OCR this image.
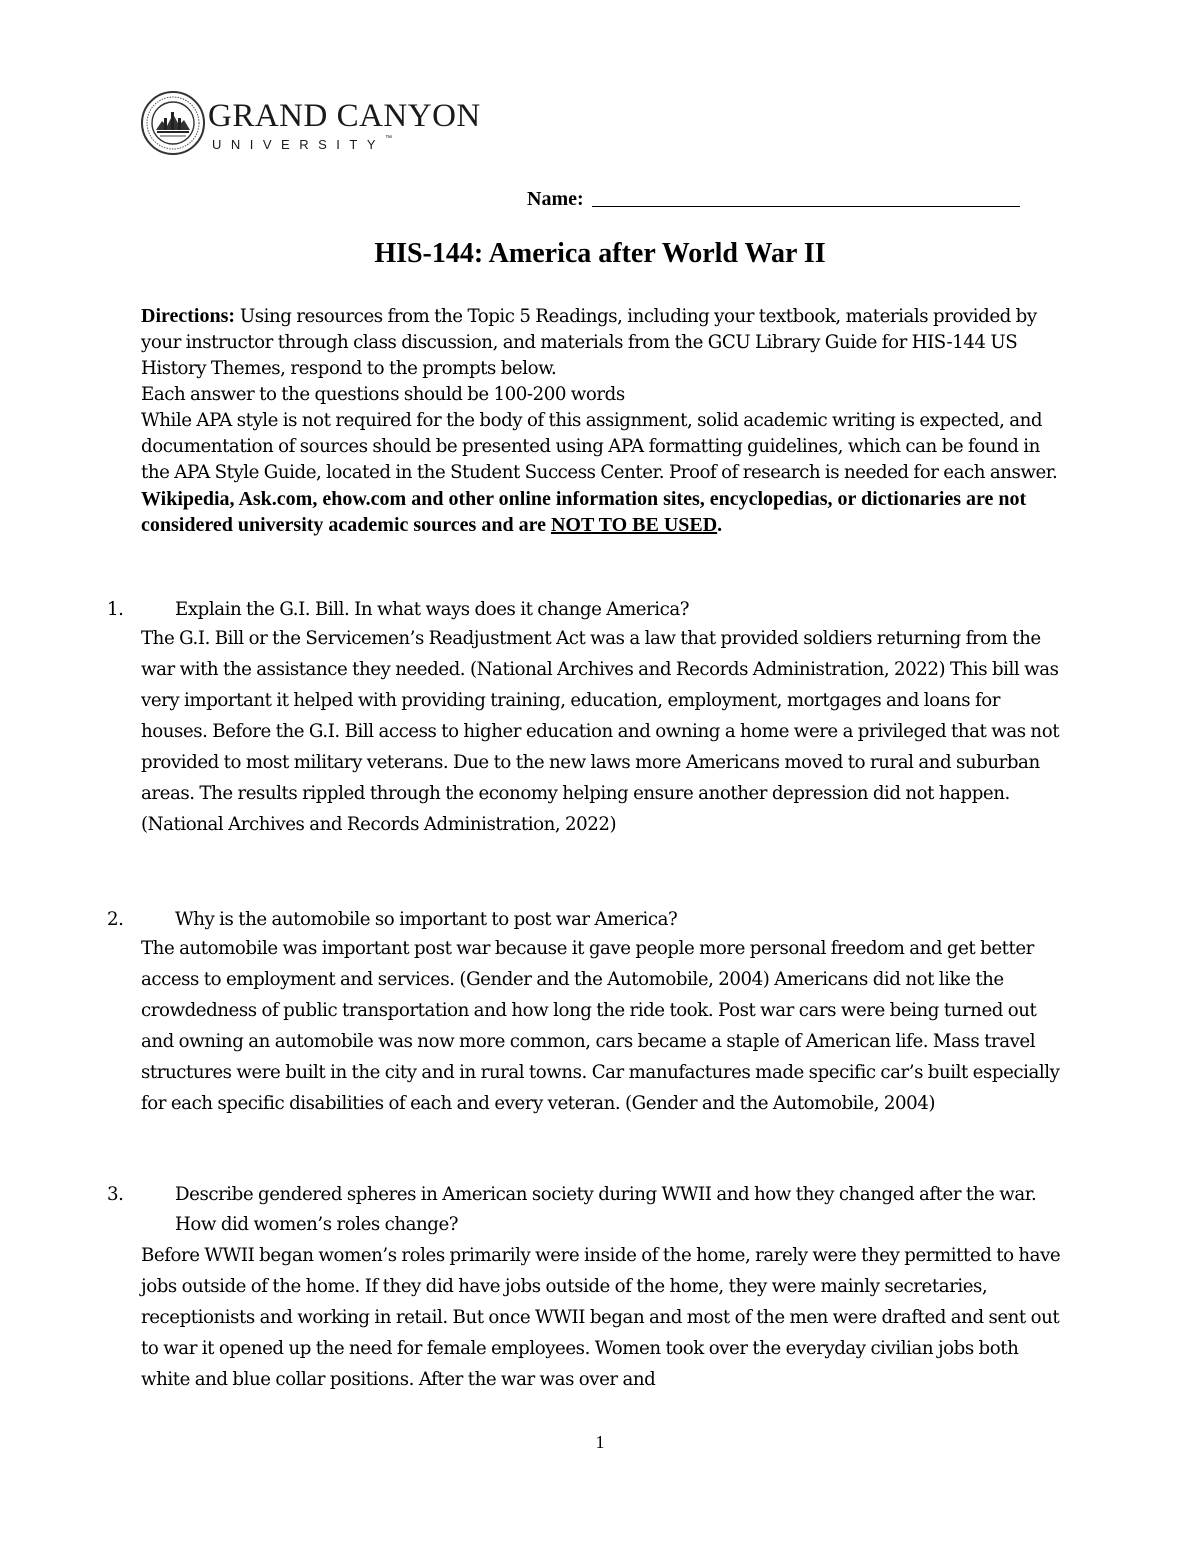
GRAND CANYON
UNIVERSITY™
Name:
HIS-144: America after World War II

Directions: Using resources from the Topic 5 Readings, including your textbook, materials provided by your instructor through class discussion, and materials from the GCU Library Guide for HIS-144 US History Themes, respond to the prompts below.

Each answer to the questions should be 100-200 words

While APA style is not required for the body of this assignment, solid academic writing is expected, and documentation of sources should be presented using APA formatting guidelines, which can be found in the APA Style Guide, located in the Student Success Center. Proof of research is needed for each answer.

Wikipedia, Ask.com, ehow.com and other online information sites, encyclopedias, or dictionaries are not considered university academic sources and are NOT TO BE USED.

1.	Explain the G.I. Bill. In what ways does it change America?

The G.I. Bill or the Servicemen’s Readjustment Act was a law that provided soldiers returning from the war with the assistance they needed. (National Archives and Records Administration, 2022) This bill was very important it helped with providing training, education, employment, mortgages and loans for houses. Before the G.I. Bill access to higher education and owning a home were a privileged that was not provided to most military veterans. Due to the new laws more Americans moved to rural and suburban areas. The results rippled through the economy helping ensure another depression did not happen. (National Archives and Records Administration, 2022)

2.	Why is the automobile so important to post war America?

The automobile was important post war because it gave people more personal freedom and get better access to employment and services. (Gender and the Automobile, 2004) Americans did not like the crowdedness of public transportation and how long the ride took. Post war cars were being turned out and owning an automobile was now more common, cars became a staple of American life. Mass travel structures were built in the city and in rural towns. Car manufactures made specific car’s built especially for each specific disabilities of each and every veteran. (Gender and the Automobile, 2004)

3.	Describe gendered spheres in American society during WWII and how they changed after the war. How did women’s roles change?

Before WWII began women’s roles primarily were inside of the home, rarely were they permitted to have jobs outside of the home. If they did have jobs outside of the home, they were mainly secretaries, receptionists and working in retail. But once WWII began and most of the men were drafted and sent out to war it opened up the need for female employees. Women took over the everyday civilian jobs both white and blue collar positions. After the war was over and

1
